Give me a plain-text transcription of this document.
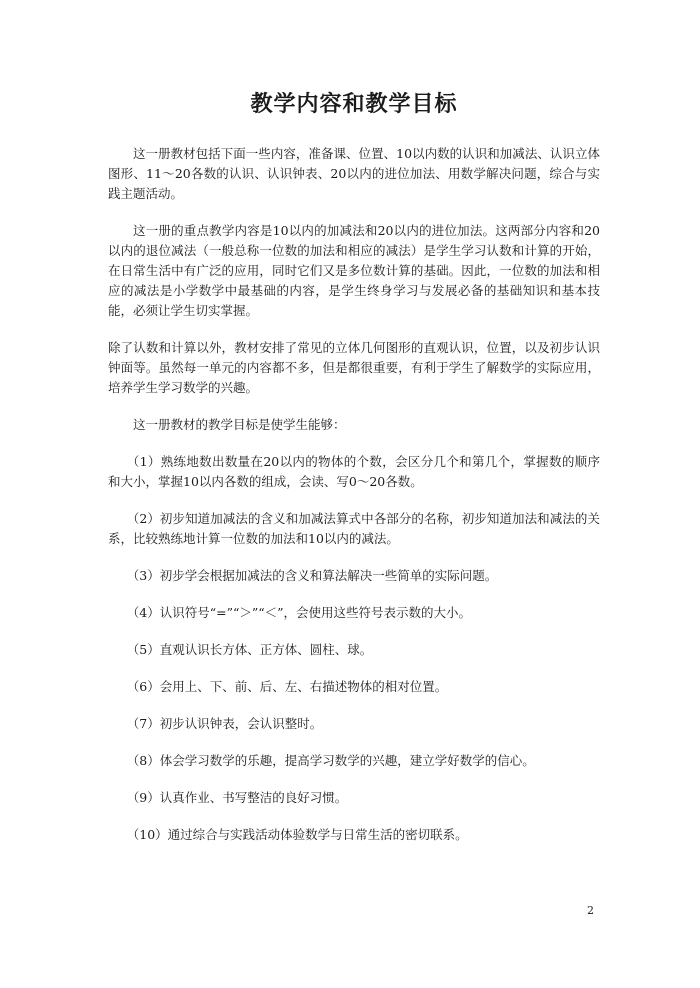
教学内容和教学目标

这一册教材包括下面一些内容，准备课、位置、10以内数的认识和加减法、认识立体图形、11～20各数的认识、认识钟表、20以内的进位加法、用数学解决问题，综合与实践主题活动。

这一册的重点教学内容是10以内的加减法和20以内的进位加法。这两部分内容和20以内的退位减法（一般总称一位数的加法和相应的减法）是学生学习认数和计算的开始，在日常生活中有广泛的应用，同时它们又是多位数计算的基础。因此，一位数的加法和相应的减法是小学数学中最基础的内容，是学生终身学习与发展必备的基础知识和基本技能，必须让学生切实掌握。

除了认数和计算以外，教材安排了常见的立体几何图形的直观认识，位置，以及初步认识钟面等。虽然每一单元的内容都不多，但是都很重要，有利于学生了解数学的实际应用，培养学生学习数学的兴趣。

这一册教材的教学目标是使学生能够：

（1）熟练地数出数量在20以内的物体的个数，会区分几个和第几个，掌握数的顺序和大小，掌握10以内各数的组成，会读、写0～20各数。

（2）初步知道加减法的含义和加减法算式中各部分的名称，初步知道加法和减法的关系，比较熟练地计算一位数的加法和10以内的减法。

（3）初步学会根据加减法的含义和算法解决一些简单的实际问题。

（4）认识符号“=”“＞”“＜”，会使用这些符号表示数的大小。

（5）直观认识长方体、正方体、圆柱、球。

（6）会用上、下、前、后、左、右描述物体的相对位置。

（7）初步认识钟表，会认识整时。

（8）体会学习数学的乐趣，提高学习数学的兴趣，建立学好数学的信心。

（9）认真作业、书写整洁的良好习惯。

（10）通过综合与实践活动体验数学与日常生活的密切联系。

2
